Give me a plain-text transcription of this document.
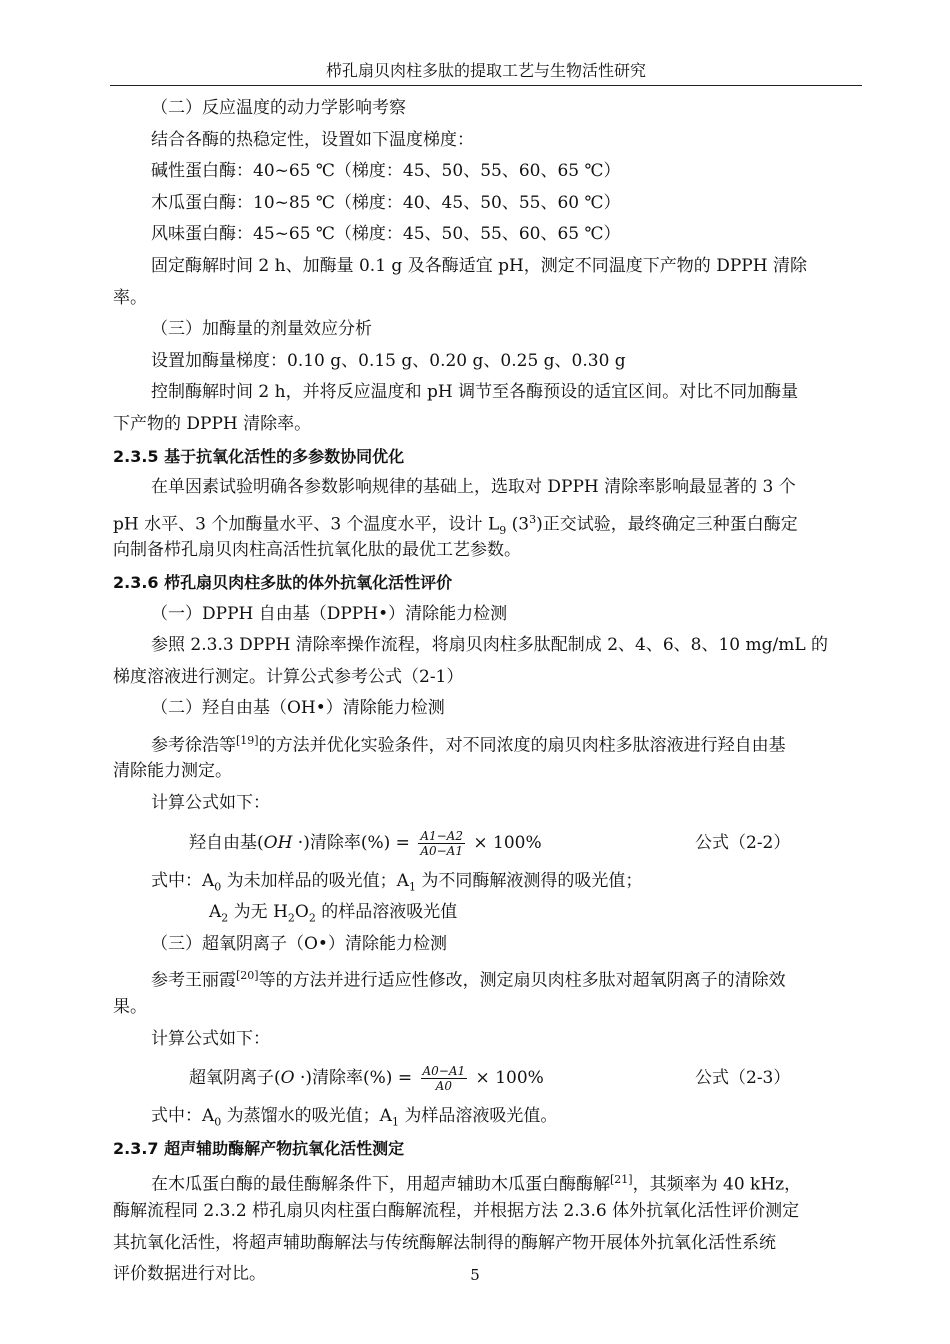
栉孔扇贝肉柱多肽的提取工艺与生物活性研究
（二）反应温度的动力学影响考察
结合各酶的热稳定性，设置如下温度梯度：
碱性蛋白酶：40~65 ℃（梯度：45、50、55、60、65 ℃）
木瓜蛋白酶：10~85 ℃（梯度：40、45、50、55、60 ℃）
风味蛋白酶：45~65 ℃（梯度：45、50、55、60、65 ℃）
固定酶解时间 2 h、加酶量 0.1 g 及各酶适宜 pH，测定不同温度下产物的 DPPH 清除
率。
（三）加酶量的剂量效应分析
设置加酶量梯度：0.10 g、0.15 g、0.20 g、0.25 g、0.30 g
控制酶解时间 2 h，并将反应温度和 pH 调节至各酶预设的适宜区间。对比不同加酶量
下产物的 DPPH 清除率。
2.3.5 基于抗氧化活性的多参数协同优化
在单因素试验明确各参数影响规律的基础上，选取对 DPPH 清除率影响最显著的 3 个
pH 水平、3 个加酶量水平、3 个温度水平，设计 $L_9$ $(3^3)$正交试验，最终确定三种蛋白酶定
向制备栉孔扇贝肉柱高活性抗氧化肽的最优工艺参数。
2.3.6 栉孔扇贝肉柱多肽的体外抗氧化活性评价
（一）DPPH 自由基（DPPH•）清除能力检测
参照 2.3.3 DPPH 清除率操作流程，将扇贝肉柱多肽配制成 2、4、6、8、10 mg/mL 的
梯度溶液进行测定。计算公式参考公式（2-1）
（二）羟自由基（OH•）清除能力检测
参考徐浩等[19]的方法并优化实验条件，对不同浓度的扇贝肉柱多肽溶液进行羟自由基
清除能力测定。
计算公式如下：
羟自由基(OH ·)清除率(%) = $\frac{A1-A2}{A0-A1} \times 100\%$	公式（2-2）
式中：$A_0$ 为未加样品的吸光值；$A_1$ 为不同酶解液测得的吸光值；
$A_2$ 为无 $H_2O_2$ 的样品溶液吸光值
（三）超氧阴离子（O•）清除能力检测
参考王丽霞[20]等的方法并进行适应性修改，测定扇贝肉柱多肽对超氧阴离子的清除效
果。
计算公式如下：
超氧阴离子(O ·)清除率(%) = $\frac{A0-A1}{A0} \times 100\%$	公式（2-3）
式中：$A_0$ 为蒸馏水的吸光值；$A_1$ 为样品溶液吸光值。
2.3.7 超声辅助酶解产物抗氧化活性测定
在木瓜蛋白酶的最佳酶解条件下，用超声辅助木瓜蛋白酶酶解[21]，其频率为 40 kHz，
酶解流程同 2.3.2 栉孔扇贝肉柱蛋白酶解流程，并根据方法 2.3.6 体外抗氧化活性评价测定
其抗氧化活性，将超声辅助酶解法与传统酶解法制得的酶解产物开展体外抗氧化活性系统
评价数据进行对比。	5
